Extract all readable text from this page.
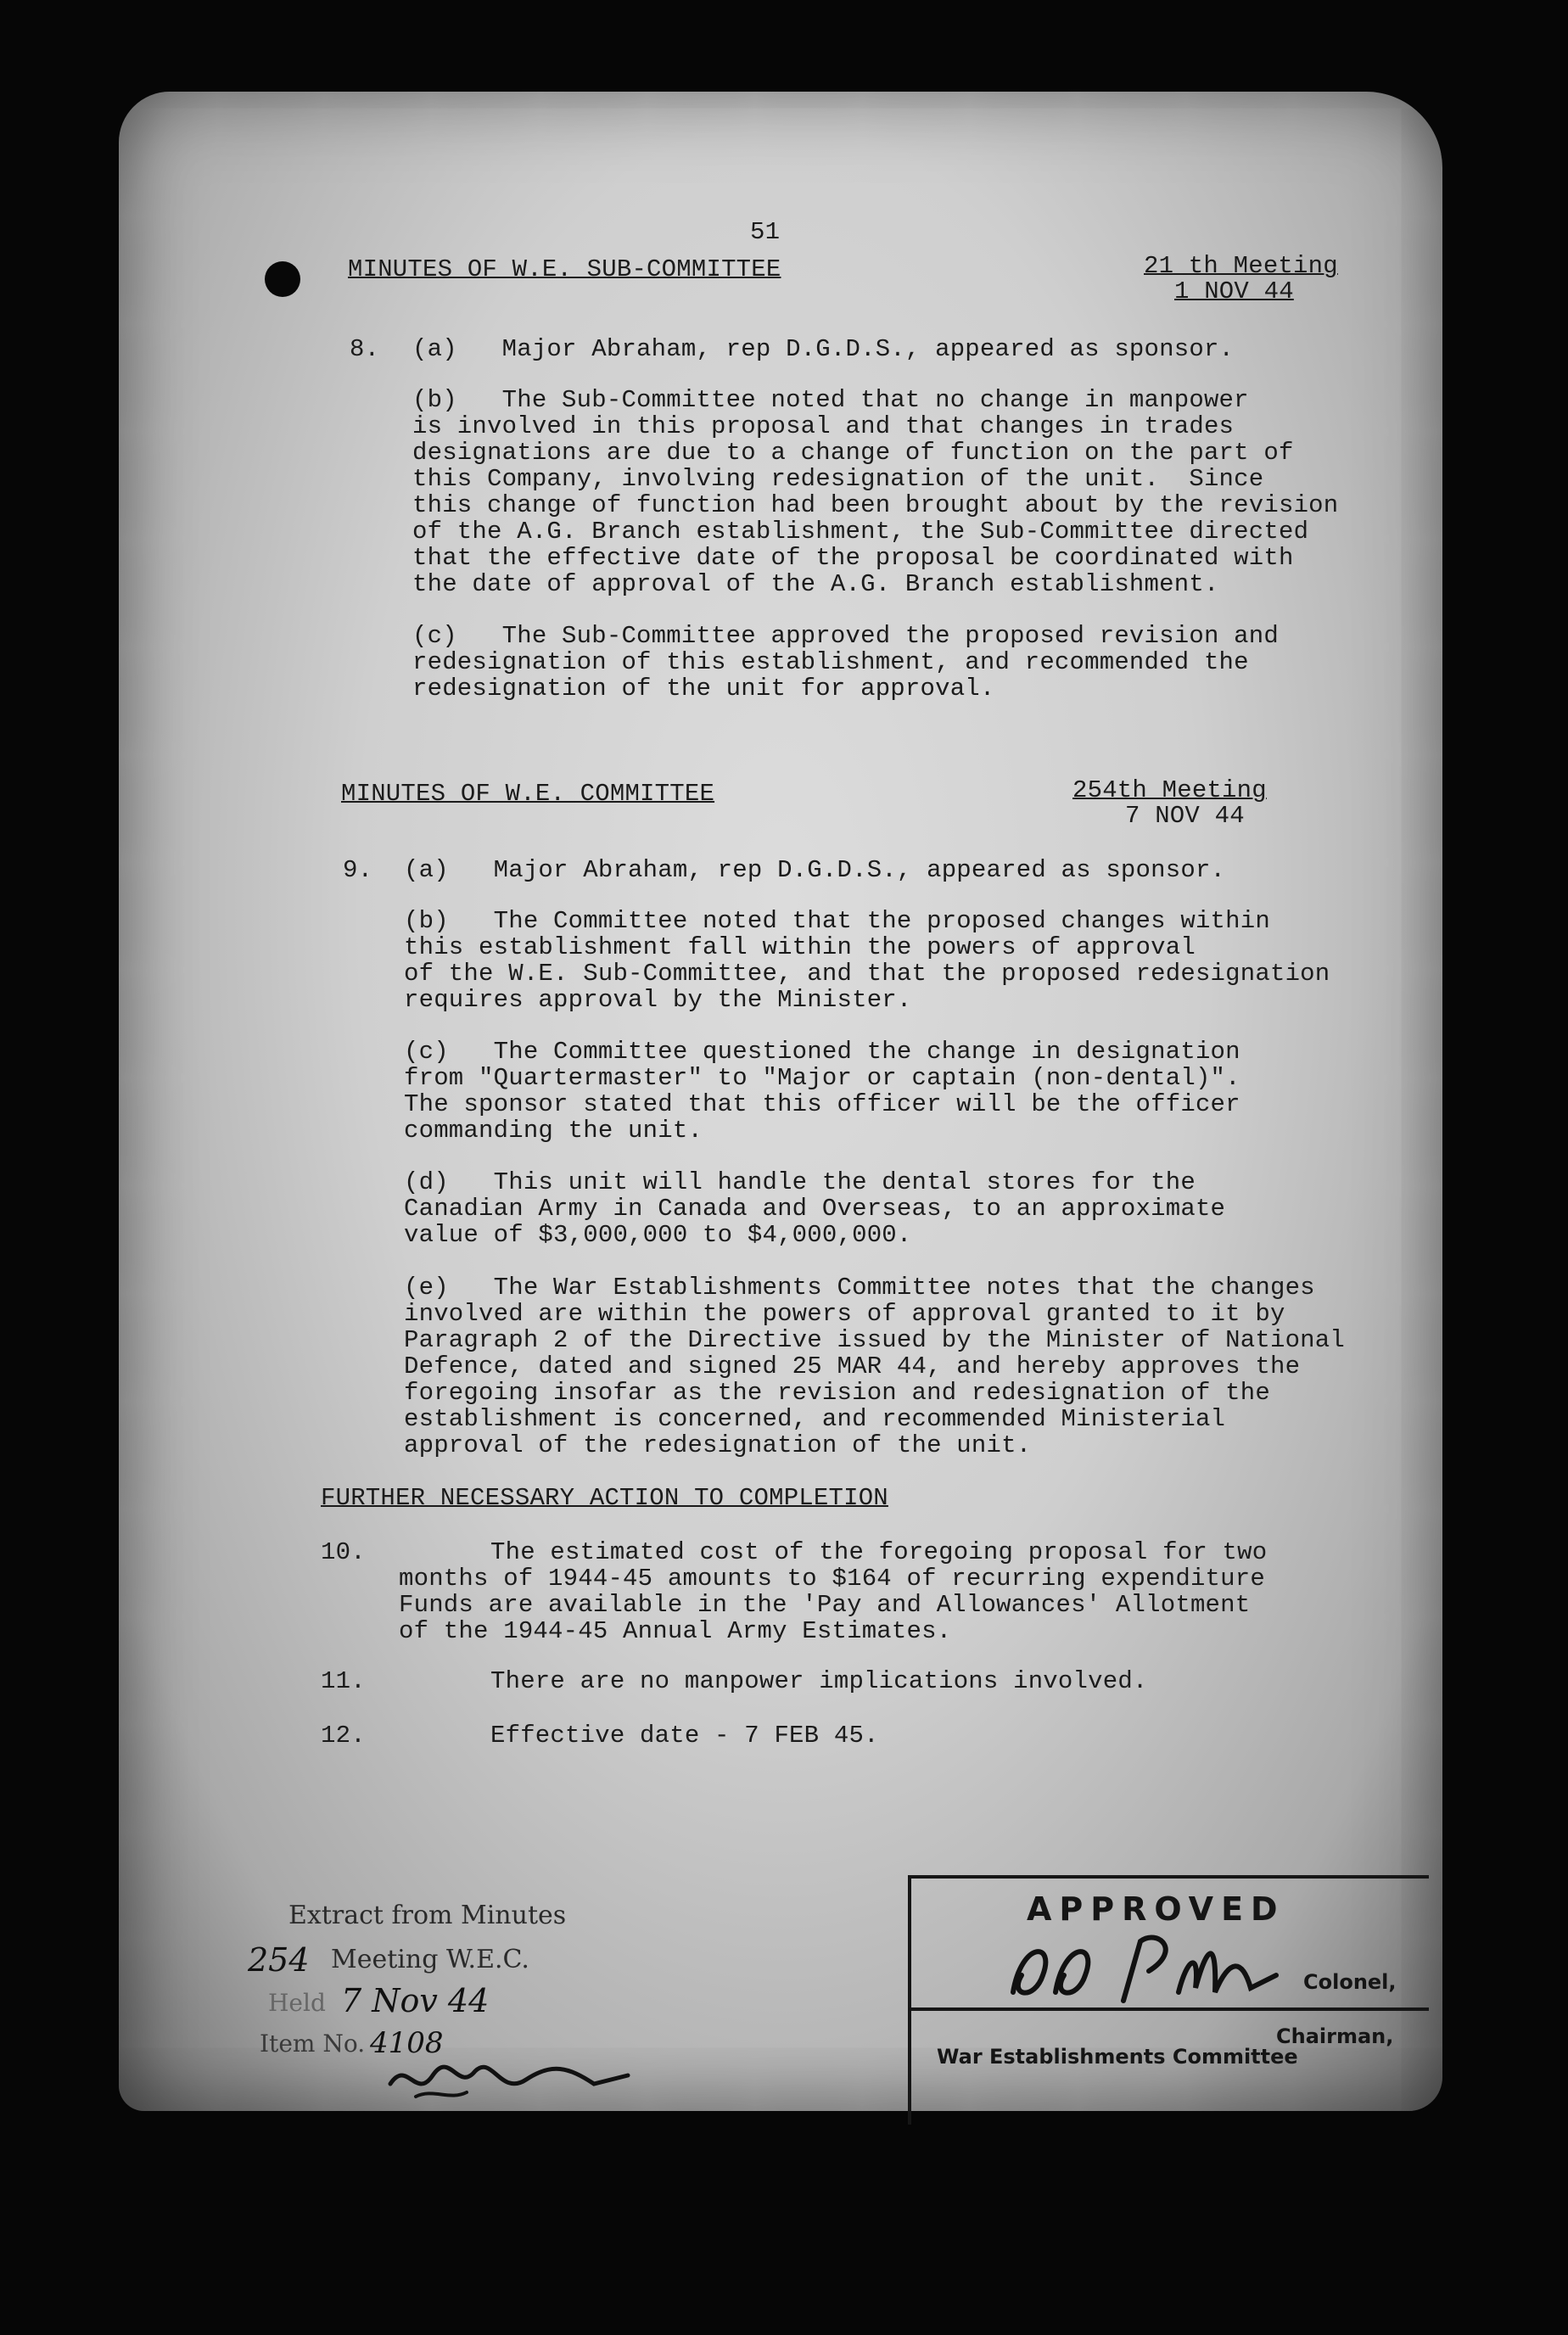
51
MINUTES OF W.E. SUB-COMMITTEE	21 th Meeting
1 NOV 44
8. (a)   Major Abraham, rep D.G.D.S., appeared as sponsor.
(b)   The Sub-Committee noted that no change in manpower
is involved in this proposal and that changes in trades
designations are due to a change of function on the part of
this Company, involving redesignation of the unit.  Since
this change of function had been brought about by the revision
of the A.G. Branch establishment, the Sub-Committee directed
that the effective date of the proposal be coordinated with
the date of approval of the A.G. Branch establishment.
(c)   The Sub-Committee approved the proposed revision and
redesignation of this establishment, and recommended the
redesignation of the unit for approval.
MINUTES OF W.E. COMMITTEE	254th Meeting
7 NOV 44
9. (a)   Major Abraham, rep D.G.D.S., appeared as sponsor.
(b)   The Committee noted that the proposed changes within
this establishment fall within the powers of approval
of the W.E. Sub-Committee, and that the proposed redesignation
requires approval by the Minister.
(c)   The Committee questioned the change in designation
from "Quartermaster" to "Major or captain (non-dental)".
The sponsor stated that this officer will be the officer
commanding the unit.
(d)   This unit will handle the dental stores for the
Canadian Army in Canada and Overseas, to an approximate
value of $3,000,000 to $4,000,000.
(e)   The War Establishments Committee notes that the changes
involved are within the powers of approval granted to it by
Paragraph 2 of the Directive issued by the Minister of National
Defence, dated and signed 25 MAR 44, and hereby approves the
foregoing insofar as the revision and redesignation of the
establishment is concerned, and recommended Ministerial
approval of the redesignation of the unit.
FURTHER NECESSARY ACTION TO COMPLETION
10.	The estimated cost of the foregoing proposal for two
months of 1944-45 amounts to $164 of recurring expenditure
Funds are available in the 'Pay and Allowances' Allotment
of the 1944-45 Annual Army Estimates.
11.	There are no manpower implications involved.
12.	Effective date - 7 FEB 45.
Extract from Minutes
254 Meeting W.E.C.
Held 7 Nov 44
Item No. 4108
APPROVED
Colonel,
Chairman,
War Establishments Committee
